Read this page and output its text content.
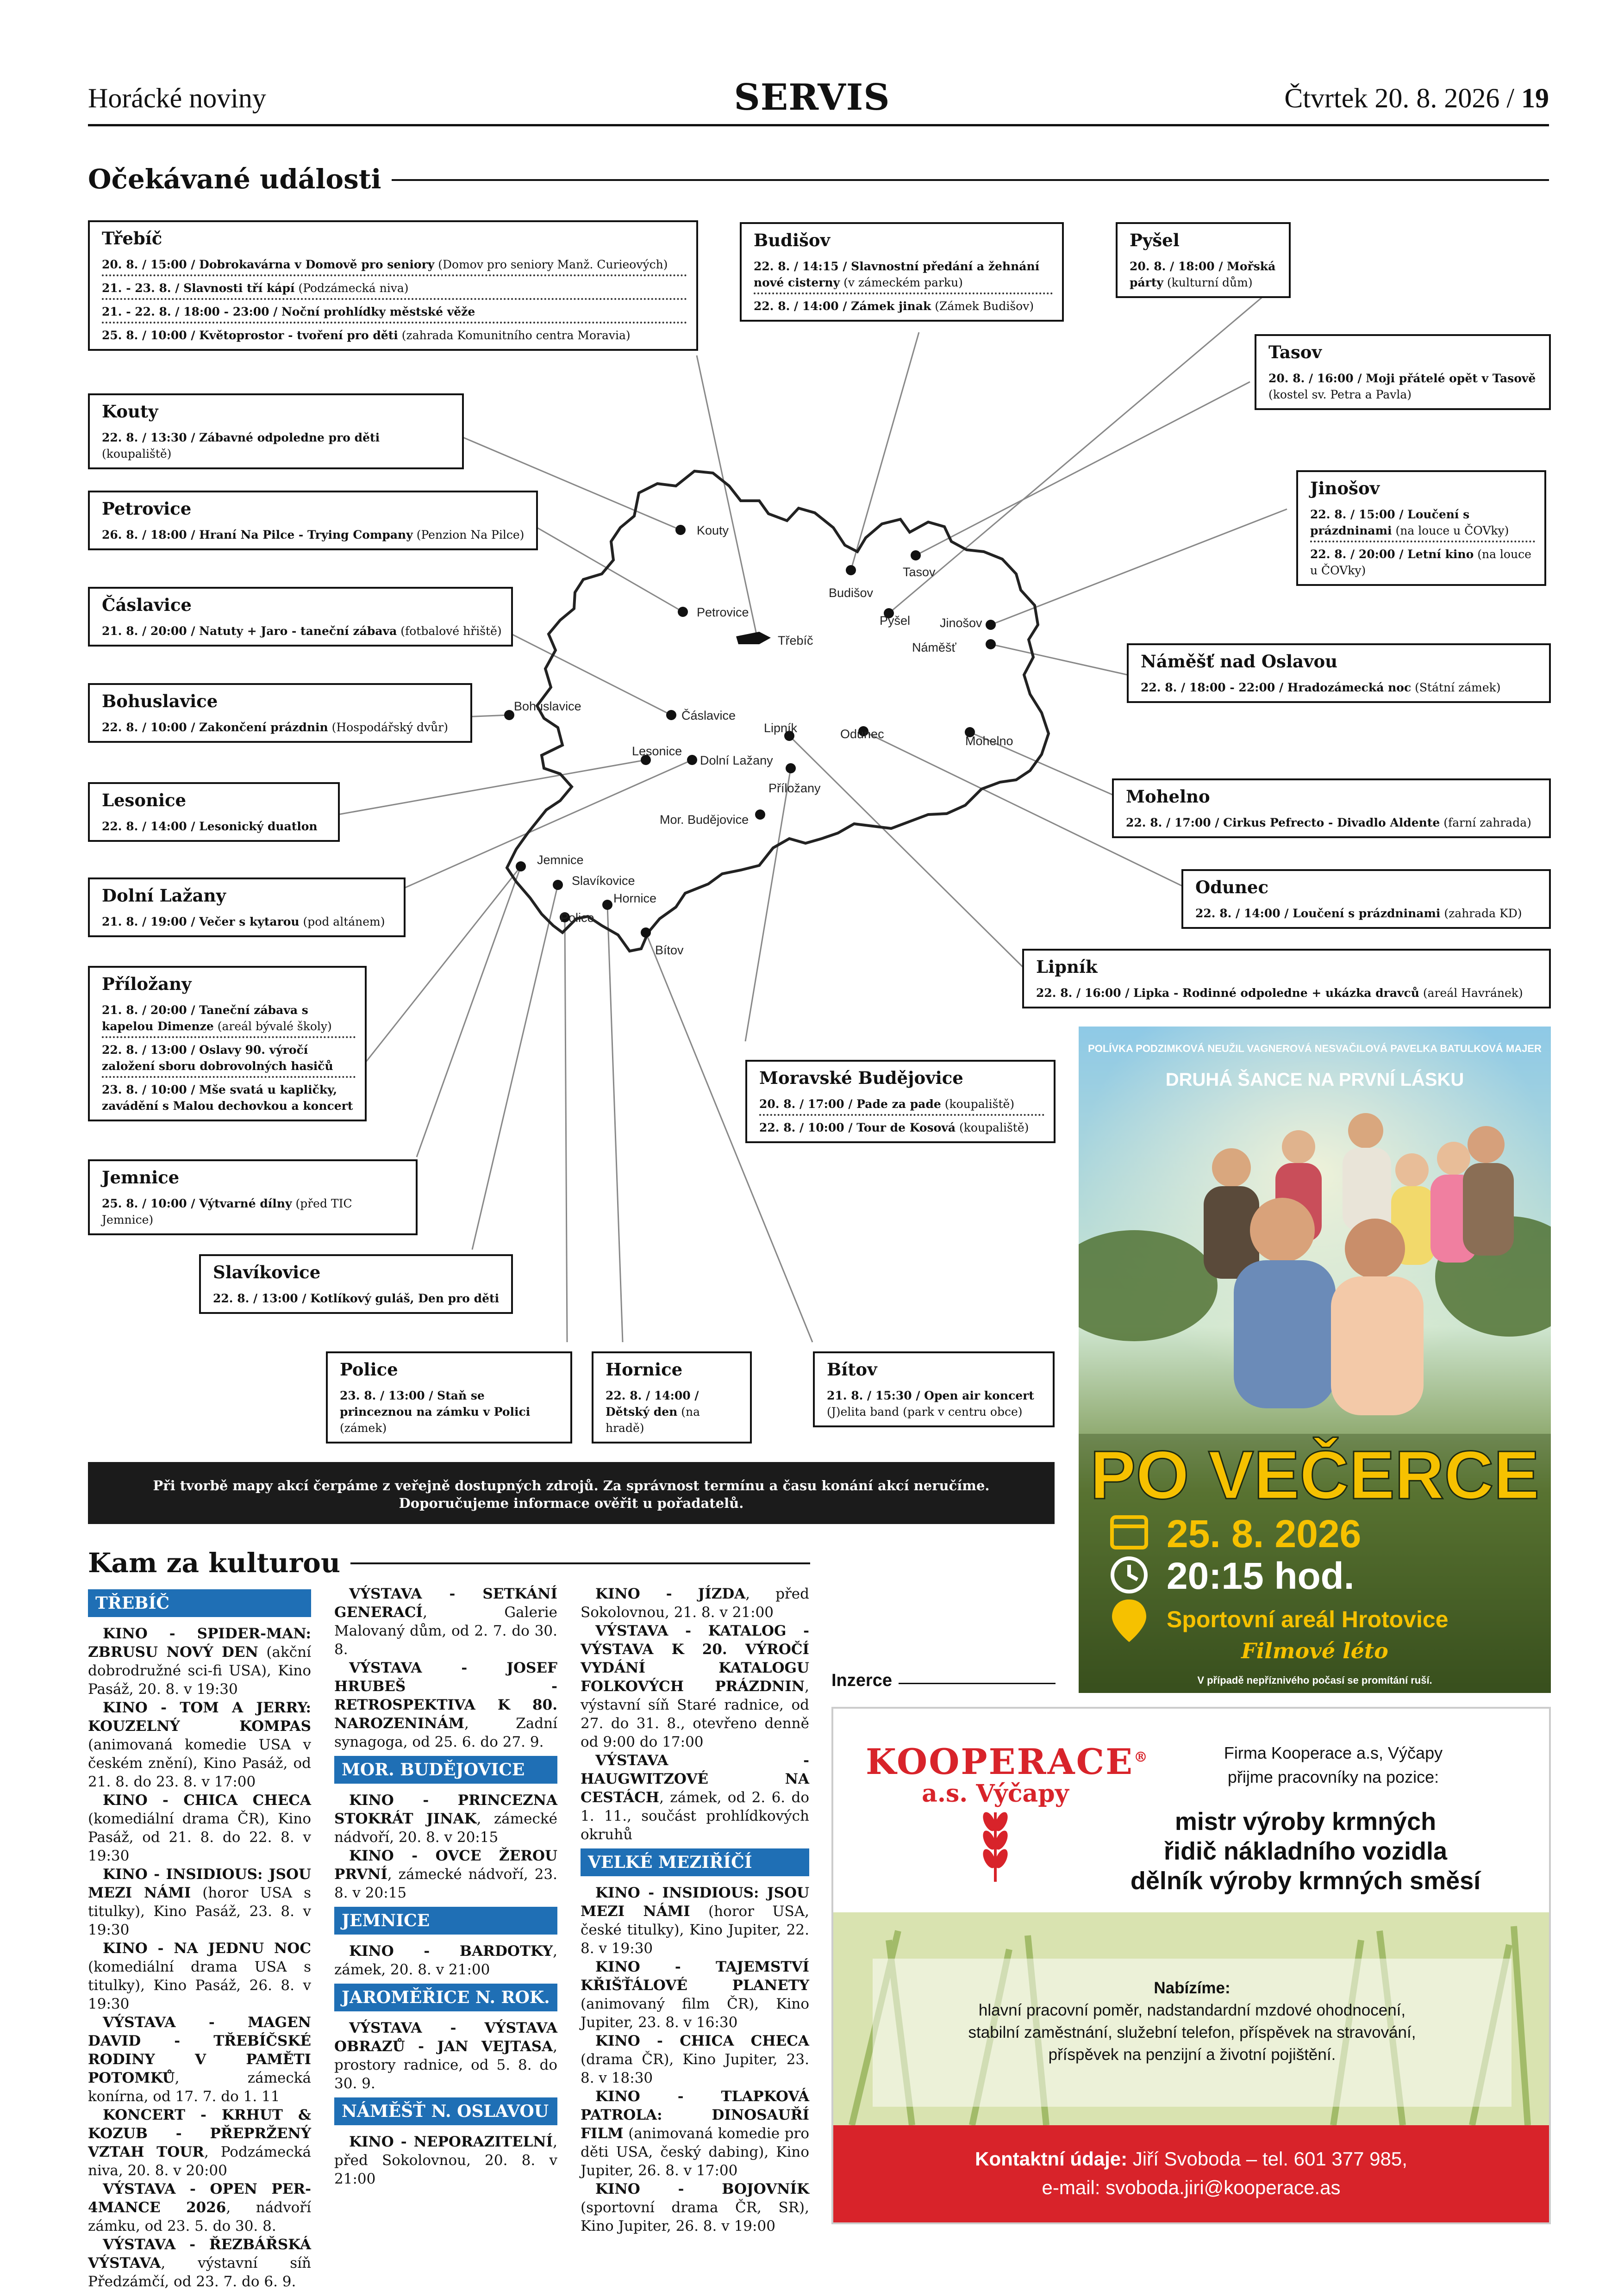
Horácké noviny	SERVIS	Čtvrtek 20. 8. 2026 / 19
Očekávané události
Kouty
Petrovice
Třebíč
Budišov
Tasov
Pyšel Jinošov
Náměšť
Čáslavice
Bohuslavice
Lipník	Odunec	Mohelno
Lesonice
Dolní Lažany
Příložany
Mor. Budějovice
Jemnice
Slavíkovice
Hornice
Police
Bítov
Třebíč
20. 8. / 15:00 / Dobrokavárna v Domově pro seniory (Domov pro seniory Manž. Curieových)
21. - 23. 8. / Slavnosti tří kápí (Podzámecká niva)
21. - 22. 8. / 18:00 - 23:00 / Noční prohlídky městské věže
25. 8. / 10:00 / Květoprostor - tvoření pro děti (zahrada Komunitního centra Moravia)
Kouty
22. 8. / 13:30 / Zábavné odpoledne pro děti (koupaliště)
Petrovice
26. 8. / 18:00 / Hraní Na Pilce - Trying Company (Penzion Na Pilce)
Čáslavice
21. 8. / 20:00 / Natuty + Jaro - taneční zábava (fotbalové hřiště)
Bohuslavice
22. 8. / 10:00 / Zakončení prázdnin (Hospodářský dvůr)
Lesonice
22. 8. / 14:00 / Lesonický duatlon
Dolní Lažany
21. 8. / 19:00 / Večer s kytarou (pod altánem)
Příložany
21. 8. / 20:00 / Taneční zábava s kapelou Dimenze (areál bývalé školy)
22. 8. / 13:00 / Oslavy 90. výročí založení sboru dobrovolných hasičů
23. 8. / 10:00 / Mše svatá u kapličky, zavádění s Malou dechovkou a koncert
Jemnice
25. 8. / 10:00 / Výtvarné dílny (před TIC Jemnice)
Slavíkovice
22. 8. / 13:00 / Kotlíkový guláš, Den pro děti
Police
23. 8. / 13:00 / Staň se princeznou na zámku v Polici (zámek)
Hornice
22. 8. / 14:00 / Dětský den (na hradě)
Bítov
21. 8. / 15:30 / Open air koncert (J)elita band (park v centru obce)
Budišov
22. 8. / 14:15 / Slavnostní předání a žehnání nové cisterny (v zámeckém parku)
22. 8. / 14:00 / Zámek jinak (Zámek Budišov)
Pyšel
20. 8. / 18:00 / Mořská párty (kulturní dům)
Tasov
20. 8. / 16:00 / Moji přátelé opět v Tasově (kostel sv. Petra a Pavla)
Jinošov
22. 8. / 15:00 / Loučení s prázdninami (na louce u ČOVky)
22. 8. / 20:00 / Letní kino (na louce u ČOVky)
Náměšť nad Oslavou
22. 8. / 18:00 - 22:00 / Hradozámecká noc (Státní zámek)
Mohelno
22. 8. / 17:00 / Cirkus Pefrecto - Divadlo Aldente (farní zahrada)
Odunec
22. 8. / 14:00 / Loučení s prázdninami (zahrada KD)
Lipník
22. 8. / 16:00 / Lipka - Rodinné odpoledne + ukázka dravců (areál Havránek)
Moravské Budějovice
20. 8. / 17:00 / Pade za pade (koupaliště)
22. 8. / 10:00 / Tour de Kosová (koupaliště)
Při tvorbě mapy akcí čerpáme z veřejně dostupných zdrojů. Za správnost termínu a času konání akcí neručíme.
Doporučujeme informace ověřit u pořadatelů.
Kam za kulturou
TŘEBÍČ
KINO - SPIDER-MAN: ZBRUSU NOVÝ DEN (akční dobrodružné sci-fi USA), Kino Pasáž, 20. 8. v 19:30
KINO - TOM A JERRY: KOUZELNÝ KOMPAS (animovaná komedie USA v českém znění), Kino Pasáž, od 21. 8. do 23. 8. v 17:00
KINO - CHICA CHECA (komediální drama ČR), Kino Pasáž, od 21. 8. do 22. 8. v 19:30
KINO - INSIDIOUS: JSOU MEZI NÁMI (horor USA s titulky), Kino Pasáž, 23. 8. v 19:30
KINO - NA JEDNU NOC (komediální drama USA s titulky), Kino Pasáž, 26. 8. v 19:30
VÝSTAVA - MAGEN DAVID - TŘEBÍČSKÉ RODINY V PAMĚTI POTOMKŮ, zámecká konírna, od 17. 7. do 1. 11
KONCERT - KRHUT & KOZUB - PŘEPRŽENÝ VZTAH TOUR, Podzámecká niva, 20. 8. v 20:00
VÝSTAVA - OPEN PER-4MANCE 2026, nádvoří zámku, od 23. 5. do 30. 8.
VÝSTAVA - ŘEZBÁŘSKÁ VÝSTAVA, výstavní síň Předzámčí, od 23. 7. do 6. 9.
VÝSTAVA - SETKÁNÍ GENERACÍ, Galerie Malovaný dům, od 2. 7. do 30. 8.
VÝSTAVA - JOSEF HRUBEŠ - RETROSPEKTIVA K 80. NAROZENINÁM, Zadní synagoga, od 25. 6. do 27. 9.
MOR. BUDĚJOVICE
KINO - PRINCEZNA STOKRÁT JINAK, zámecké nádvoří, 20. 8. v 20:15
KINO - OVCE ŽEROU PRVNÍ, zámecké nádvoří, 23. 8. v 20:15
JEMNICE
KINO - BARDOTKY, zámek, 20. 8. v 21:00
JAROMĚŘICE N. ROK.
VÝSTAVA - VÝSTAVA OBRAZŮ - JAN VEJTASA, prostory radnice, od 5. 8. do 30. 9.
NÁMĚŠŤ N. OSLAVOU
KINO - NEPORAZITELNÍ, před Sokolovnou, 20. 8. v 21:00
KINO - JÍZDA, před Sokolovnou, 21. 8. v 21:00
VÝSTAVA - KATALOG - VÝSTAVA K 20. VÝROČÍ VYDÁNÍ KATALOGU FOLKOVÝCH PRÁZDNIN, výstavní síň Staré radnice, od 27. do 31. 8., otevřeno denně od 9:00 do 17:00
VÝSTAVA - HAUGWITZOVÉ NA CESTÁCH, zámek, od 2. 6. do 1. 11., součást prohlídkových okruhů
VELKÉ MEZIŘÍČÍ
KINO - INSIDIOUS: JSOU MEZI NÁMI (horor USA, české titulky), Kino Jupiter, 22. 8. v 19:30
KINO - TAJEMSTVÍ KŘIŠŤÁLOVÉ PLANETY (animovaný film ČR), Kino Jupiter, 23. 8. v 16:30
KINO - CHICA CHECA (drama ČR), Kino Jupiter, 23. 8. v 18:30
KINO - TLAPKOVÁ PATROLA: DINOSAUŘÍ FILM (animovaná komedie pro děti USA, český dabing), Kino Jupiter, 26. 8. v 17:00
KINO - BOJOVNÍK (sportovní drama ČR, SR), Kino Jupiter, 26. 8. v 19:00
POLÍVKA PODZIMKOVÁ NEUŽIL VAGNEROVÁ NESVAČILOVÁ PAVELKA BATULKOVÁ MAJER
DRUHÁ ŠANCE NA PRVNÍ LÁSKU
PO VEČERCE
25. 8. 2026
20:15 hod.
Sportovní areál Hrotovice
Filmové léto
V případě nepříznivého počasí se promítání ruší.
Inzerce
KOOPERACE®
a.s. Výčapy
Firma Kooperace a.s, Výčapy
přijme pracovníky na pozice:
mistr výroby krmných
řidič nákladního vozidla
dělník výroby krmných směsí
Nabízíme:
hlavní pracovní poměr, nadstandardní mzdové ohodnocení,
stabilní zaměstnání, služební telefon, příspěvek na stravování,
příspěvek na penzijní a životní pojištění.
Kontaktní údaje: Jiří Svoboda – tel. 601 377 985,
e-mail: svoboda.jiri@kooperace.as
